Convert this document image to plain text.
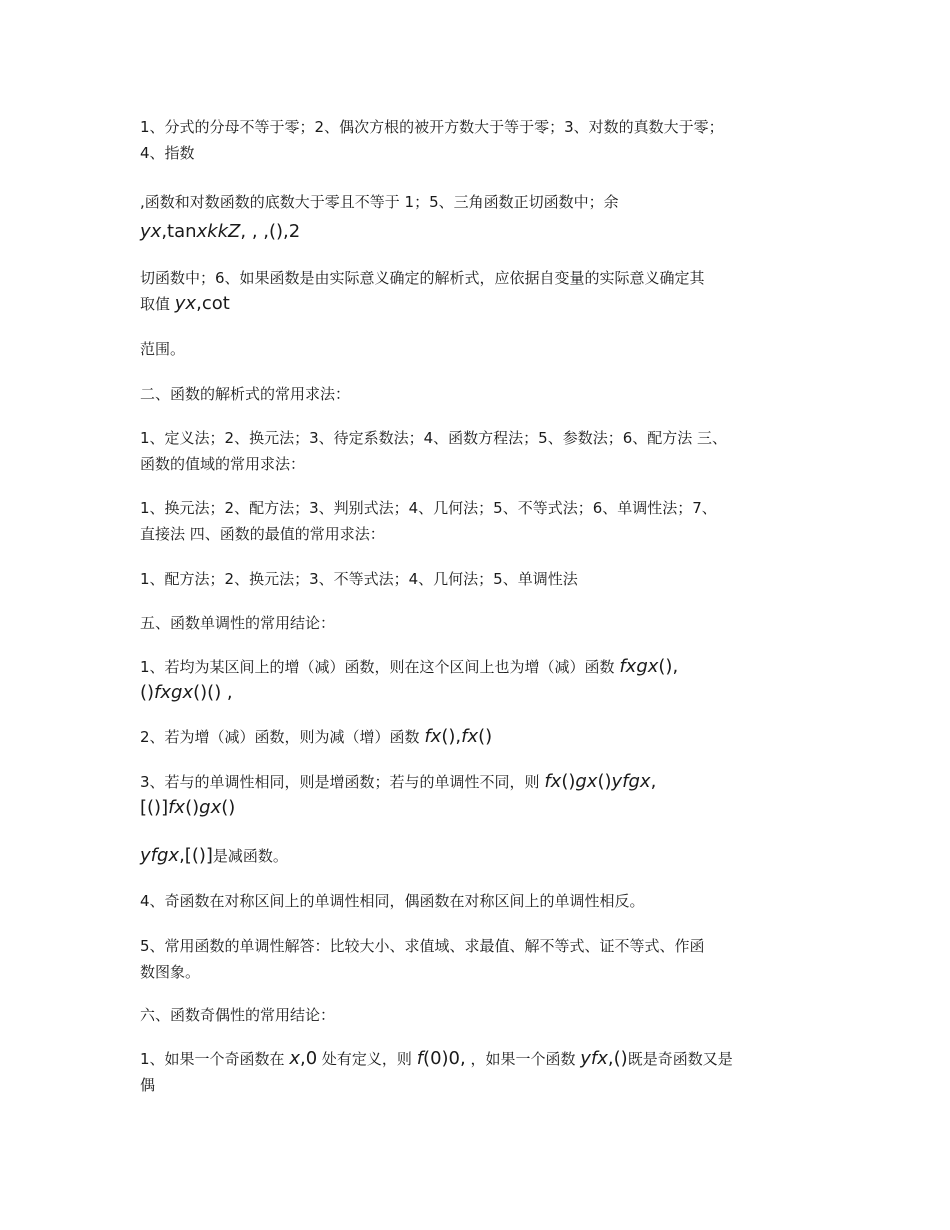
1、分式的分母不等于零；2、偶次方根的被开方数大于等于零；3、对数的真数大于零；

4、指数

,函数和对数函数的底数大于零且不等于 1；5、三角函数正切函数中；余

yx,tanxkkZ, , ,(),2

切函数中；6、如果函数是由实际意义确定的解析式，应依据自变量的实际意义确定其

取值 yx,cot

范围。

二、函数的解析式的常用求法：

1、定义法；2、换元法；3、待定系数法；4、函数方程法；5、参数法；6、配方法 三、

函数的值域的常用求法：

1、换元法；2、配方法；3、判别式法；4、几何法；5、不等式法；6、单调性法；7、

直接法 四、函数的最值的常用求法：

1、配方法；2、换元法；3、不等式法；4、几何法；5、单调性法

五、函数单调性的常用结论：

1、若均为某区间上的增（减）函数，则在这个区间上也为增（减）函数 fxgx(),

()fxgx()() ,

2、若为增（减）函数，则为减（增）函数 fx(),fx()

3、若与的单调性相同，则是增函数；若与的单调性不同，则 fx()gx()yfgx,

[()]fx()gx()

yfgx,[()]是减函数。

4、奇函数在对称区间上的单调性相同，偶函数在对称区间上的单调性相反。

5、常用函数的单调性解答：比较大小、求值域、求最值、解不等式、证不等式、作函

数图象。

六、函数奇偶性的常用结论：

1、如果一个奇函数在 x,0 处有定义，则 f(0)0, ，如果一个函数 yfx,()既是奇函数又是

偶
